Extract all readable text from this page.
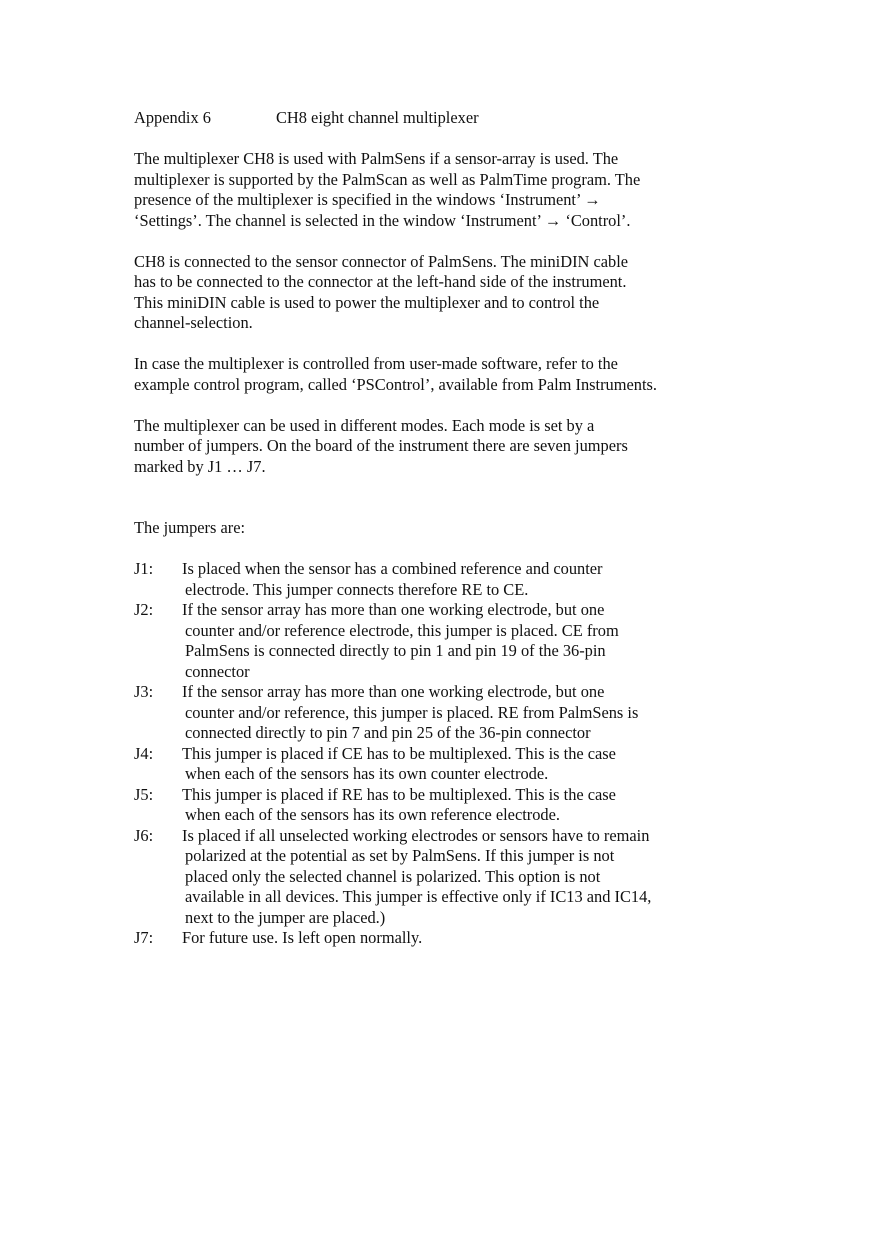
Appendix 6	CH8 eight channel multiplexer
The multiplexer CH8 is used with PalmSens if a sensor-array is used. The
multiplexer is supported by the PalmScan as well as PalmTime program. The
presence of the multiplexer is specified in the windows ‘Instrument’ →
‘Settings’. The channel is selected in the window ‘Instrument’ → ‘Control’.
CH8 is connected to the sensor connector of PalmSens. The miniDIN cable
has to be connected to the connector at the left-hand side of the instrument.
This miniDIN cable is used to power the multiplexer and to control the
channel-selection.
In case the multiplexer is controlled from user-made software, refer to the
example control program, called ‘PSControl’, available from Palm Instruments.
The multiplexer can be used in different modes. Each mode is set by a
number of jumpers. On the board of the instrument there are seven jumpers
marked by J1 … J7.
The jumpers are:
J1:	Is placed when the sensor has a combined reference and counter
electrode. This jumper connects therefore RE to CE.
J2:	If the sensor array has more than one working electrode, but one
counter and/or reference electrode, this jumper is placed. CE from
PalmSens is connected directly to pin 1 and pin 19 of the 36-pin
connector
J3:	If the sensor array has more than one working electrode, but one
counter and/or reference, this jumper is placed. RE from PalmSens is
connected directly to pin 7 and pin 25 of the 36-pin connector
J4:	This jumper is placed if CE has to be multiplexed. This is the case
when each of the sensors has its own counter electrode.
J5:	This jumper is placed if RE has to be multiplexed. This is the case
when each of the sensors has its own reference electrode.
J6:	Is placed if all unselected working electrodes or sensors have to remain
polarized at the potential as set by PalmSens. If this jumper is not
placed only the selected channel is polarized. This option is not
available in all devices. This jumper is effective only if IC13 and IC14,
next to the jumper are placed.)
J7:	For future use. Is left open normally.
